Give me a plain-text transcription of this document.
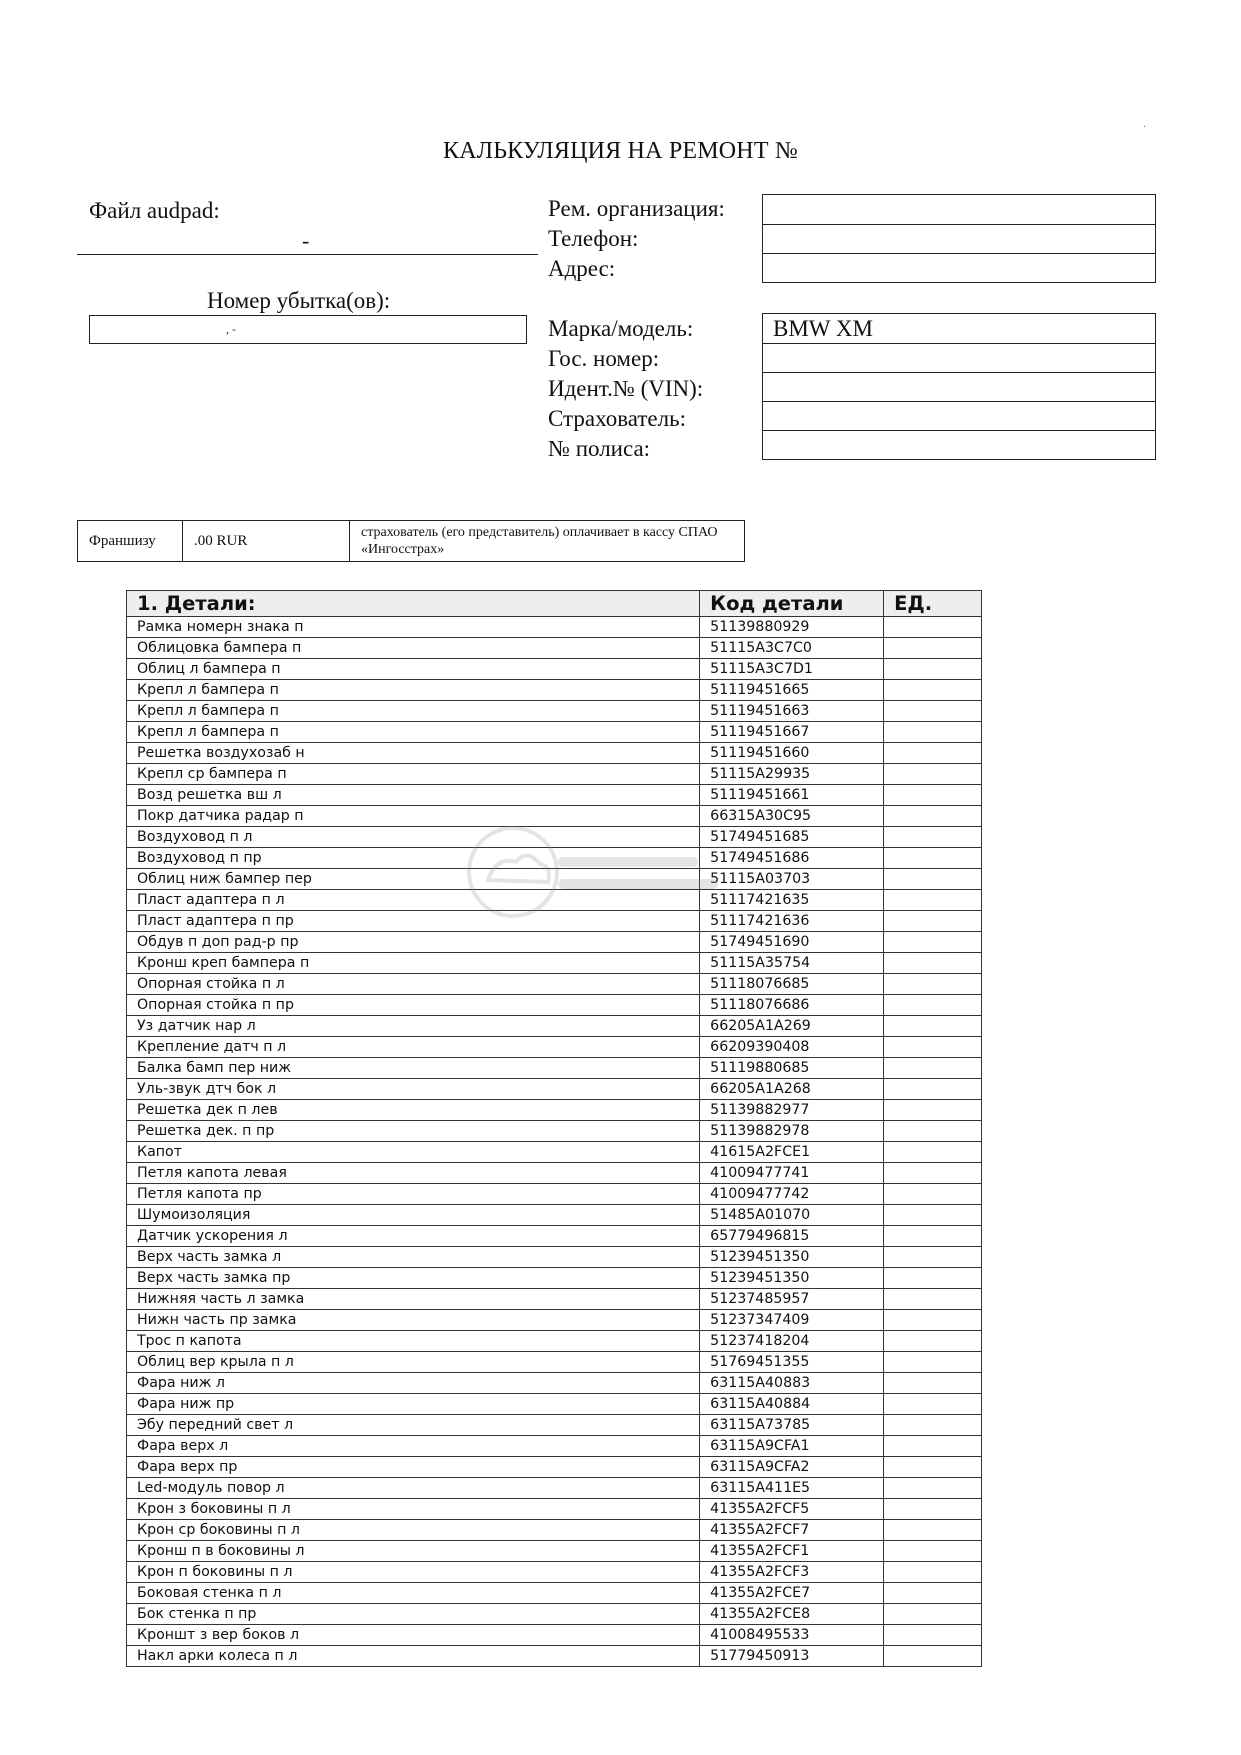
КАЛЬКУЛЯЦИЯ НА РЕМОНТ №
·
Файл audpad:
-
Номер убытка(ов):
, -
Рем. организация:
Телефон:
Адрес:
Марка/модель:
Гос. номер:
Идент.№ (VIN):
Страхователь:
№ полиса:
BMW XM
Франшизу	.00 RUR	страхователь (его представитель) оплачивает в кассу СПАО «Ингосстрах»
1. Детали:	Код детали	ЕД.
Рамка номерн знака п	51139880929	
Облицовка бампера п	51115A3C7C0	
Облиц л бампера п	51115A3C7D1	
Крепл л бампера п	51119451665	
Крепл л бампера п	51119451663	
Крепл л бампера п	51119451667	
Решетка воздухозаб н	51119451660	
Крепл ср бампера п	51115A29935	
Возд решетка вш л	51119451661	
Покр датчика радар п	66315A30C95	
Воздуховод п л	51749451685	
Воздуховод п пр	51749451686	
Облиц ниж бампер пер	51115A03703	
Пласт адаптера п л	51117421635	
Пласт адаптера п пр	51117421636	
Обдув п доп рад-р пр	51749451690	
Кронш креп бампера п	51115A35754	
Опорная стойка п л	51118076685	
Опорная стойка п пр	51118076686	
Уз датчик нар л	66205A1A269	
Крепление датч п л	66209390408	
Балка бамп пер ниж	51119880685	
Уль-звук дтч бок л	66205A1A268	
Решетка дек п лев	51139882977	
Решетка дек. п пр	51139882978	
Капот	41615A2FCE1	
Петля капота левая	41009477741	
Петля капота пр	41009477742	
Шумоизоляция	51485A01070	
Датчик ускорения л	65779496815	
Верх часть замка л	51239451350	
Верх часть замка пр	51239451350	
Нижняя часть л замка	51237485957	
Нижн часть пр замка	51237347409	
Трос п капота	51237418204	
Облиц вер крыла п л	51769451355	
Фара ниж л	63115A40883	
Фара ниж пр	63115A40884	
Эбу передний свет л	63115A73785	
Фара верх л	63115A9CFA1	
Фара верх пр	63115A9CFA2	
Led-модуль повор л	63115A411E5	
Крон з боковины п л	41355A2FCF5	
Крон ср боковины п л	41355A2FCF7	
Кронш п в боковины л	41355A2FCF1	
Крон п боковины п л	41355A2FCF3	
Боковая стенка п л	41355A2FCE7	
Бок стенка п пр	41355A2FCE8	
Кроншт з вер боков л	41008495533	
Накл арки колеса п л	51779450913	
